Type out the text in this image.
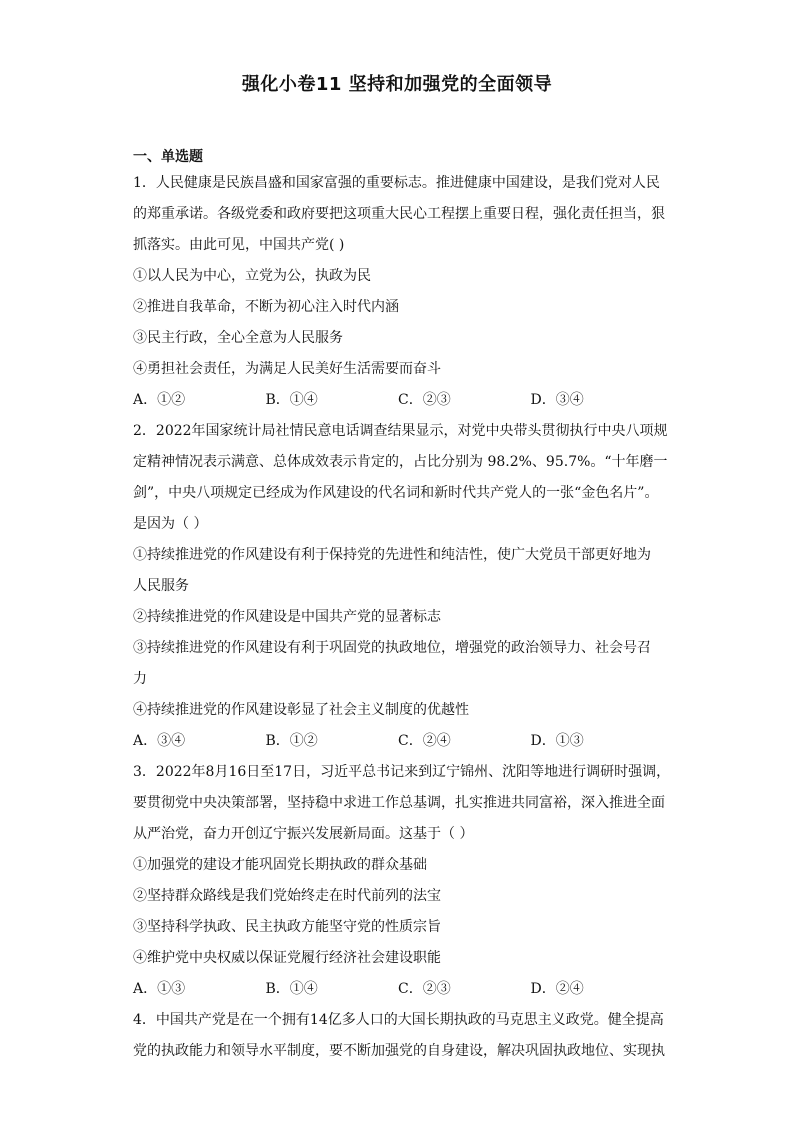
强化小卷11 坚持和加强党的全面领导
一、单选题
1．人民健康是民族昌盛和国家富强的重要标志。推进健康中国建设，是我们党对人民
的郑重承诺。各级党委和政府要把这项重大民心工程摆上重要日程，强化责任担当，狠
抓落实。由此可见，中国共产党( )
①以人民为中心，立党为公，执政为民
②推进自我革命，不断为初心注入时代内涵
③民主行政，全心全意为人民服务
④勇担社会责任，为满足人民美好生活需要而奋斗
A．①②	B．①④	C．②③	D．③④
2．2022年国家统计局社情民意电话调查结果显示，对党中央带头贯彻执行中央八项规
定精神情况表示满意、总体成效表示肯定的，占比分别为 98.2%、95.7%。“十年磨一
剑”，中央八项规定已经成为作风建设的代名词和新时代共产党人的一张“金色名片”。
是因为（ ）
①持续推进党的作风建设有利于保持党的先进性和纯洁性，使广大党员干部更好地为
人民服务
②持续推进党的作风建设是中国共产党的显著标志
③持续推进党的作风建设有利于巩固党的执政地位，增强党的政治领导力、社会号召
力
④持续推进党的作风建设彰显了社会主义制度的优越性
A．③④	B．①②	C．②④	D．①③
3．2022年8月16日至17日，习近平总书记来到辽宁锦州、沈阳等地进行调研时强调，
要贯彻党中央决策部署，坚持稳中求进工作总基调，扎实推进共同富裕，深入推进全面
从严治党，奋力开创辽宁振兴发展新局面。这基于（ ）
①加强党的建设才能巩固党长期执政的群众基础
②坚持群众路线是我们党始终走在时代前列的法宝
③坚持科学执政、民主执政方能坚守党的性质宗旨
④维护党中央权威以保证党履行经济社会建设职能
A．①③	B．①④	C．②③	D．②④
4．中国共产党是在一个拥有14亿多人口的大国长期执政的马克思主义政党。健全提高
党的执政能力和领导水平制度，要不断加强党的自身建设，解决巩固执政地位、实现执
